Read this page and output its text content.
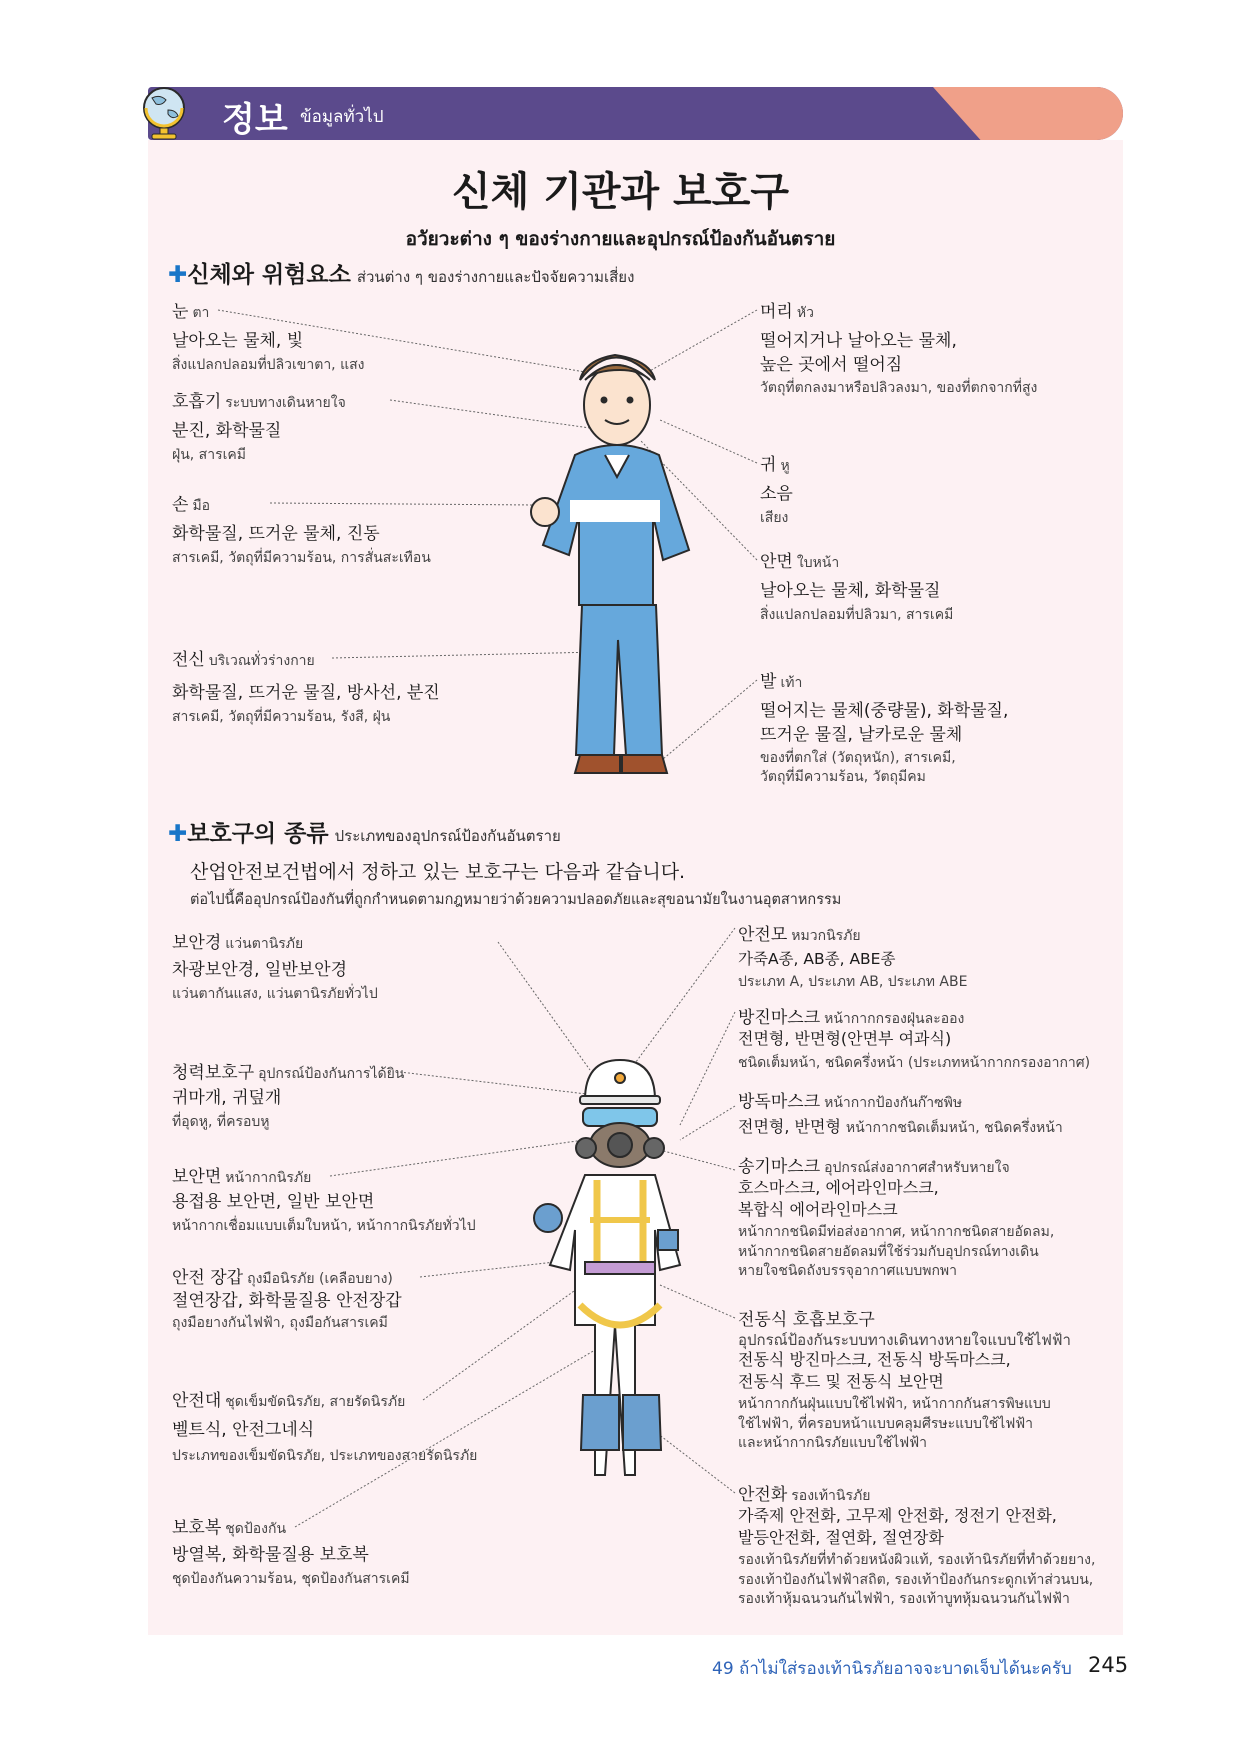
정보 ข้อมูลทั่วไป
신체 기관과 보호구
อวัยวะต่าง ๆ ของร่างกายและอุปกรณ์ป้องกันอันตราย
✚신체와 위험요소 ส่วนต่าง ๆ ของร่างกายและปัจจัยความเสี่ยง
눈 ตา
날아오는 물체, 빛
สิ่งแปลกปลอมที่ปลิวเขาตา, แสง
호흡기 ระบบทางเดินหายใจ
분진, 화학물질
ฝุ่น, สารเคมี
손 มือ
화학물질, 뜨거운 물체, 진동
สารเคมี, วัตถุที่มีความร้อน, การสั่นสะเทือน
전신 บริเวณทั่วร่างกาย
화학물질, 뜨거운 물질, 방사선, 분진
สารเคมี, วัตถุที่มีความร้อน, รังสี, ฝุ่น
머리 หัว
떨어지거나 날아오는 물체,
높은 곳에서 떨어짐
วัตถุที่ตกลงมาหรือปลิวลงมา, ของที่ตกจากที่สูง
귀 หู
소음
เสียง
안면 ใบหน้า
날아오는 물체, 화학물질
สิ่งแปลกปลอมที่ปลิวมา, สารเคมี
발 เท้า
떨어지는 물체(중량물), 화학물질,
뜨거운 물질, 날카로운 물체
ของที่ตกใส่ (วัตถุหนัก), สารเคมี,
วัตถุที่มีความร้อน, วัตถุมีคม
✚보호구의 종류 ประเภทของอุปกรณ์ป้องกันอันตราย
산업안전보건법에서 정하고 있는 보호구는 다음과 같습니다.
ต่อไปนี้คืออุปกรณ์ป้องกันที่ถูกกำหนดตามกฎหมายว่าด้วยความปลอดภัยและสุขอนามัยในงานอุตสาหกรรม
보안경 แว่นตานิรภัย
차광보안경, 일반보안경
แว่นตากันแสง, แว่นตานิรภัยทั่วไป
청력보호구 อุปกรณ์ป้องกันการได้ยิน
귀마개, 귀덮개
ที่อุดหู, ที่ครอบหู
보안면 หน้ากากนิรภัย
용접용 보안면, 일반 보안면
หน้ากากเชื่อมแบบเต็มใบหน้า, หน้ากากนิรภัยทั่วไป
안전 장갑 ถุงมือนิรภัย (เคลือบยาง)
절연장갑, 화학물질용 안전장갑
ถุงมือยางกันไฟฟ้า, ถุงมือกันสารเคมี
안전대 ชุดเข็มขัดนิรภัย, สายรัดนิรภัย
벨트식, 안전그네식
ประเภทของเข็มขัดนิรภัย, ประเภทของสายรัดนิรภัย
보호복 ชุดป้องกัน
방열복, 화학물질용 보호복
ชุดป้องกันความร้อน, ชุดป้องกันสารเคมี
안전모 หมวกนิรภัย
가죽A종, AB종, ABE종
ประเภท A, ประเภท AB, ประเภท ABE
방진마스크 หน้ากากกรองฝุ่นละออง
전면형, 반면형(안면부 여과식)
ชนิดเต็มหน้า, ชนิดครึ่งหน้า (ประเภทหน้ากากกรองอากาศ)
방독마스크 หน้ากากป้องกันก๊าซพิษ
전면형, 반면형 หน้ากากชนิดเต็มหน้า, ชนิดครึ่งหน้า
송기마스크 อุปกรณ์ส่งอากาศสำหรับหายใจ
호스마스크, 에어라인마스크,
복합식 에어라인마스크
หน้ากากชนิดมีท่อส่งอากาศ, หน้ากากชนิดสายอัดลม,
หน้ากากชนิดสายอัดลมที่ใช้ร่วมกับอุปกรณ์ทางเดิน
หายใจชนิดถังบรรจุอากาศแบบพกพา
전동식 호흡보호구
อุปกรณ์ป้องกันระบบทางเดินทางหายใจแบบใช้ไฟฟ้า
전동식 방진마스크, 전동식 방독마스크,
전동식 후드 및 전동식 보안면
หน้ากากกันฝุ่นแบบใช้ไฟฟ้า, หน้ากากกันสารพิษแบบ
ใช้ไฟฟ้า, ที่ครอบหน้าแบบคลุมศีรษะแบบใช้ไฟฟ้า
และหน้ากากนิรภัยแบบใช้ไฟฟ้า
안전화 รองเท้านิรภัย
가죽제 안전화, 고무제 안전화, 정전기 안전화,
발등안전화, 절연화, 절연장화
รองเท้านิรภัยที่ทำด้วยหนังผิวแท้, รองเท้านิรภัยที่ทำด้วยยาง,
รองเท้าป้องกันไฟฟ้าสถิต, รองเท้าป้องกันกระดูกเท้าส่วนบน,
รองเท้าหุ้มฉนวนกันไฟฟ้า, รองเท้าบูทหุ้มฉนวนกันไฟฟ้า
49 ถ้าไม่ใส่รองเท้านิรภัยอาจจะบาดเจ็บได้นะครับ 245
